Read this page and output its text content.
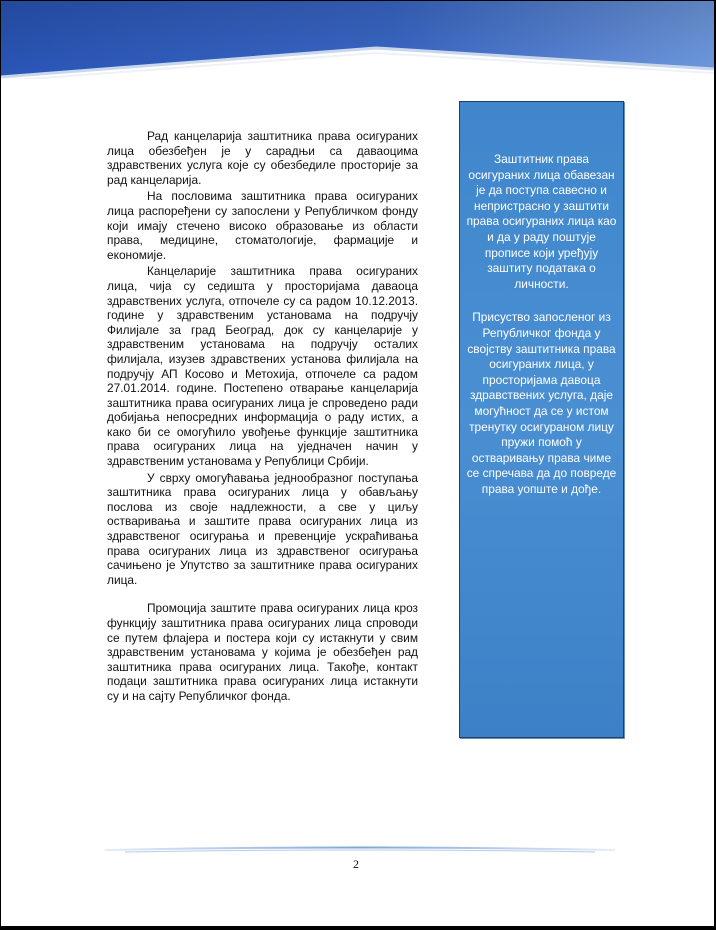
Рад канцеларија заштитника права осигураних лица обезбеђен је у сарадњи са даваоцима здравствених услуга које су обезбедиле просторије за рад канцеларија.

На пословима заштитника права осигураних лица распоређени су запослени у Републичком фонду који имају стечено високо образовање из области права, медицине, стоматологије, фармације и економије.

Канцеларије заштитника права осигураних лица, чија су седишта у просторијама даваоца здравствених услуга, отпочеле су са радом 10.12.2013. године у здравственим установама на подручју Филијале за град Београд, док су канцеларије у здравственим установама на подручју осталих филијала, изузев здравствених установа филијала на подручју АП Косово и Метохија, отпочеле са радом 27.01.2014. године. Постепено отварање канцеларија заштитника права осигураних лица је спроведено ради добијања непосредних информација о раду истих, а како би се омогућило увођење функције заштитника права осигураних лица на уједначен начин у здравственим установама у Републици Србији.

У сврху омогућавања једнообразног поступања заштитника права осигураних лица у обављању послова из своје надлежности, а све у циљу остваривања и заштите права осигураних лица из здравственог осигурања и превенције ускраћивања права осигураних лица из здравственог осигурања сачињено је Упутство за заштитнике права осигураних лица.

Промоција заштите права осигураних лица кроз функцију заштитника права осигураних лица спроводи се путем флајера и постера који су истакнути у свим здравственим установама у којима је обезбеђен рад заштитника права осигураних лица. Такође, контакт подаци заштитника права осигураних лица истакнути су и на сајту Републичког фонда.

Заштитник права осигураних лица обавезан је да поступа савесно и непристрасно у заштити права осигураних лица као и да у раду поштује прописе који уређују заштиту података о личности.

Присуство запосленог из Републичког фонда у својству заштитника права осигураних лица, у просторијама давоца здравствених услуга, даје могућност да се у истом тренутку осигураном лицу пружи помоћ у остваривању права чиме се спречава да до повреде права уопште и дође.

2
